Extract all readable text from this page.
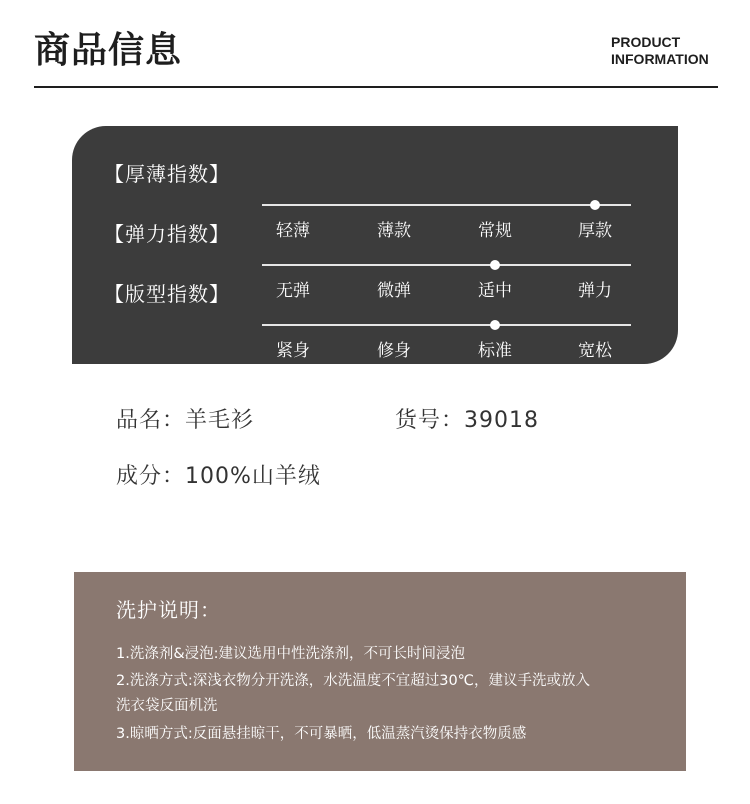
商品信息	PRODUCT
INFORMATION
【厚薄指数】
轻薄	薄款	常规	厚款
【弹力指数】
无弹	微弹	适中	弹力
【版型指数】
紧身	修身	标准	宽松
品名：羊毛衫	货号：39018
成分：100%山羊绒
洗护说明：
1.洗涤剂&浸泡:建议选用中性洗涤剂，不可长时间浸泡
2.洗涤方式:深浅衣物分开洗涤，水洗温度不宜超过30℃，建议手洗或放入
洗衣袋反面机洗
3.晾晒方式:反面悬挂晾干，不可暴晒，低温蒸汽烫保持衣物质感
